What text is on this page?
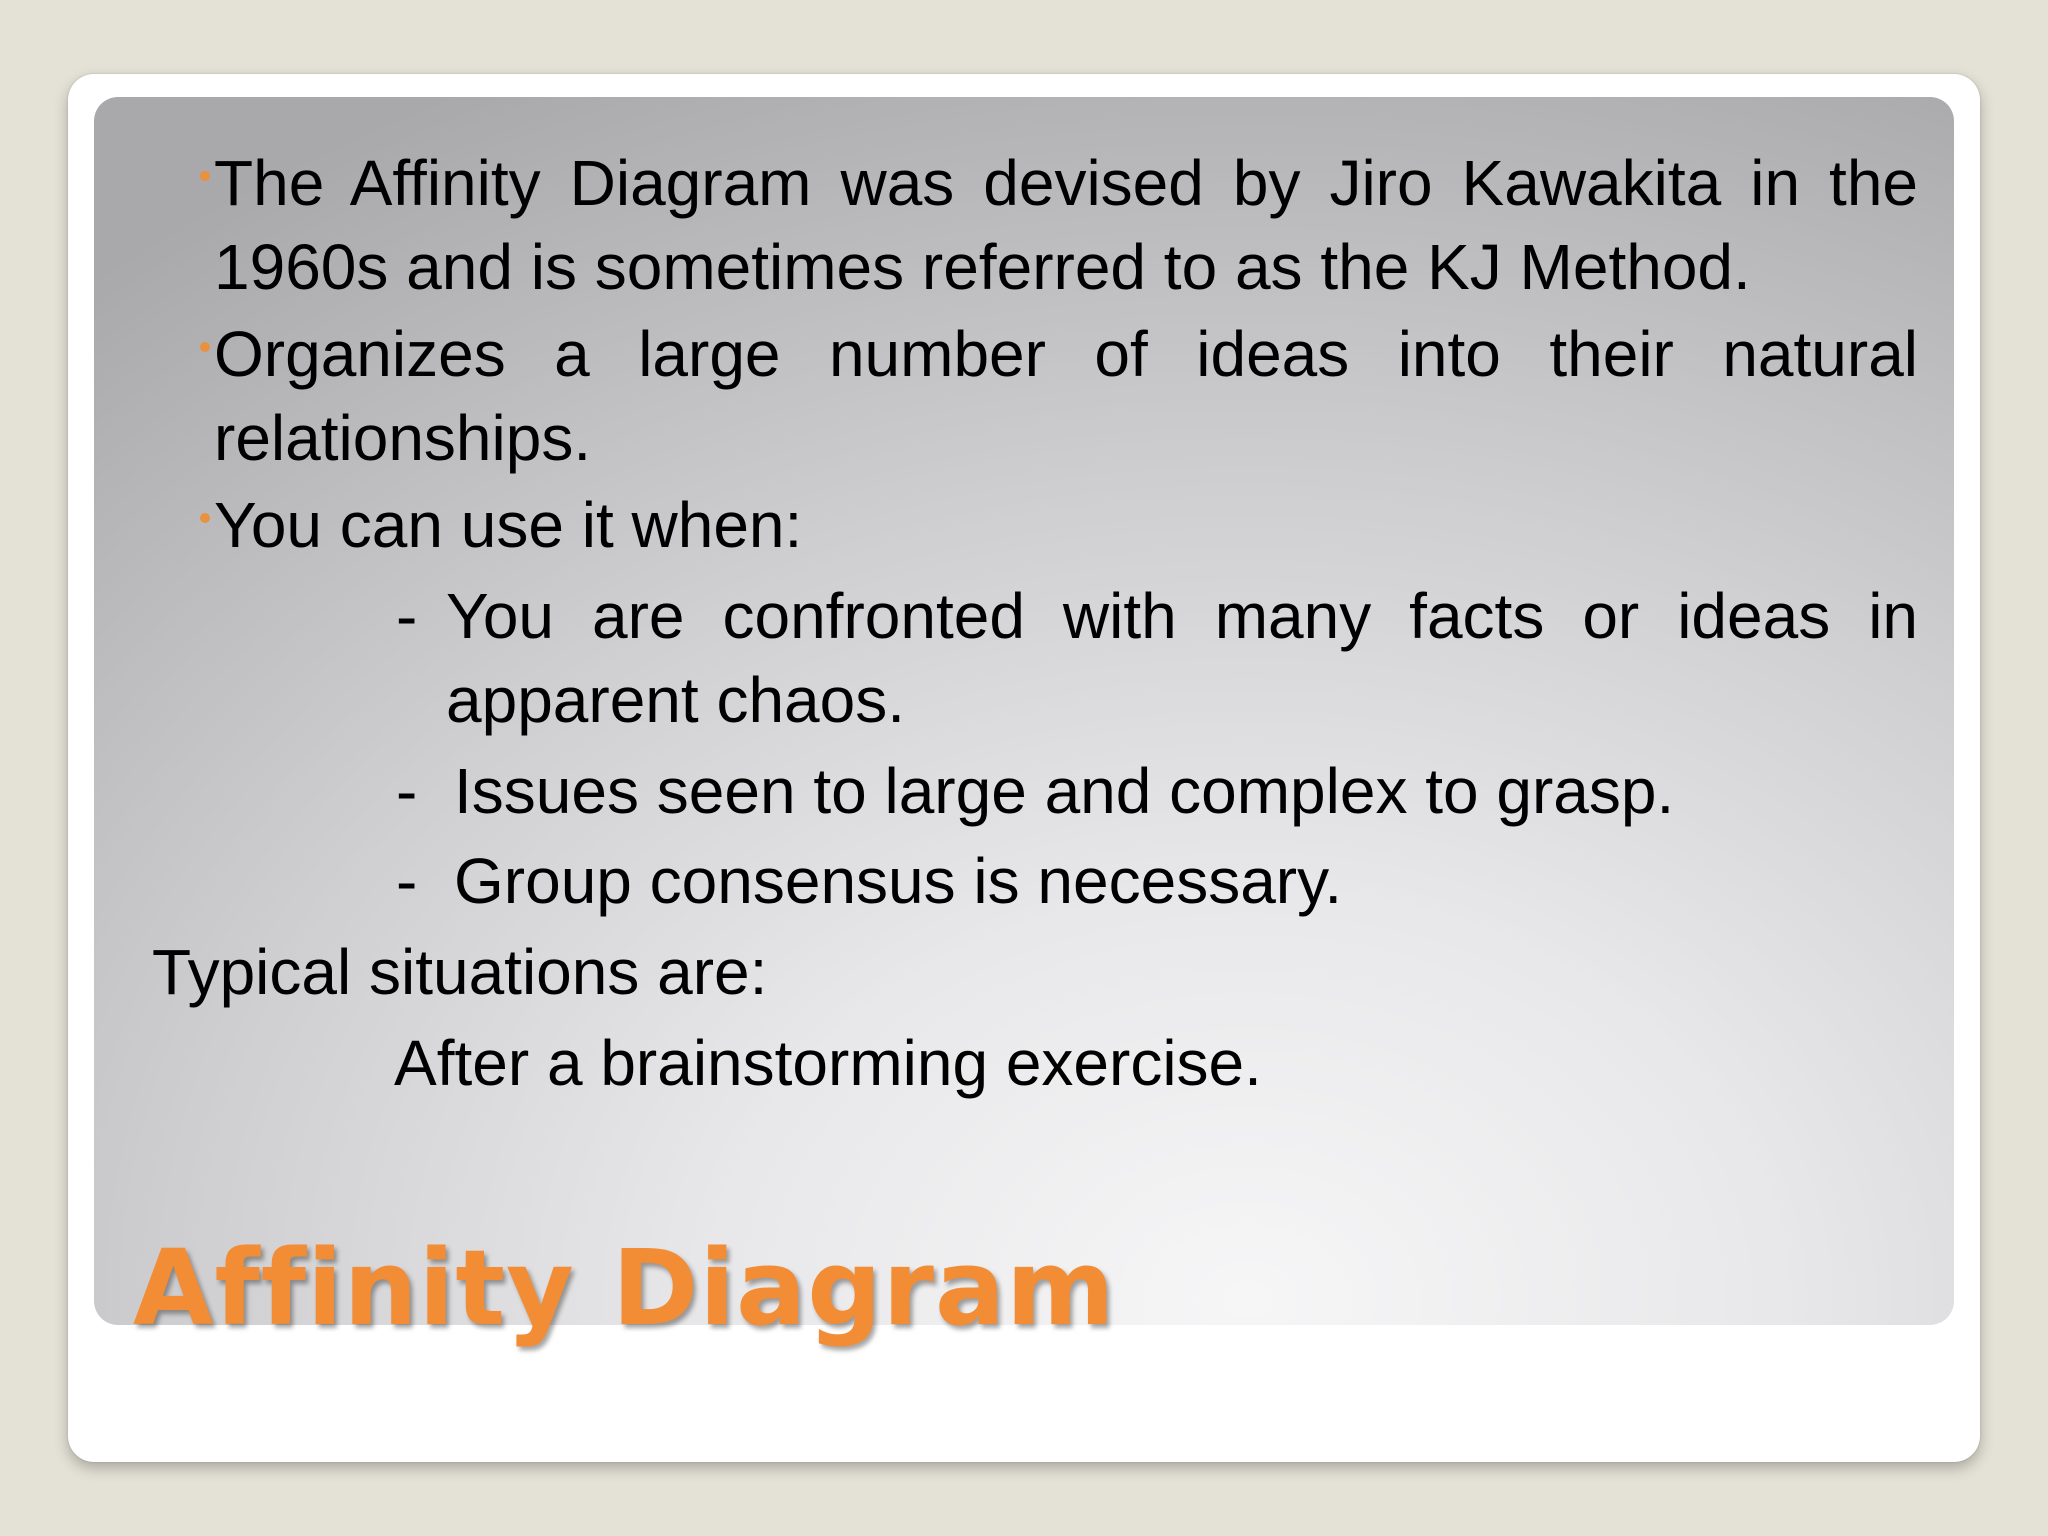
The Affinity Diagram was devised by Jiro Kawakita in the 1960s and is sometimes referred to as the KJ Method.
Organizes a large number of ideas into their natural relationships.
You can use it when:
- You are confronted with many facts or ideas in apparent chaos.
- Issues seen to large and complex to grasp.
- Group consensus is necessary.
Typical situations are:
After a brainstorming exercise.
Affinity Diagram
